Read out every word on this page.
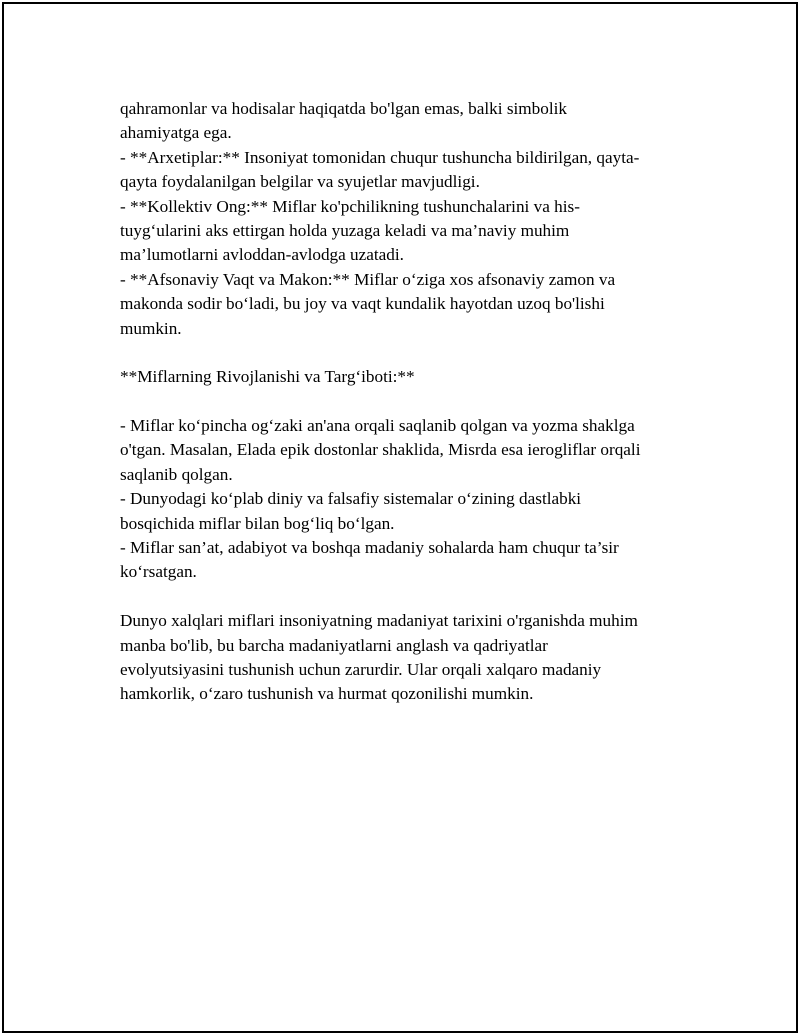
qahramonlar va hodisalar haqiqatda bo'lgan emas, balki simbolik
ahamiyatga ega.
- **Arxetiplar:** Insoniyat tomonidan chuqur tushuncha bildirilgan, qayta-
qayta foydalanilgan belgilar va syujetlar mavjudligi.
- **Kollektiv Ong:** Miflar ko'pchilikning tushunchalarini va his-
tuyg‘ularini aks ettirgan holda yuzaga keladi va ma’naviy muhim
ma’lumotlarni avloddan-avlodga uzatadi.
- **Afsonaviy Vaqt va Makon:** Miflar o‘ziga xos afsonaviy zamon va
makonda sodir bo‘ladi, bu joy va vaqt kundalik hayotdan uzoq bo'lishi
mumkin.
**Miflarning Rivojlanishi va Targ‘iboti:**
- Miflar ko‘pincha og‘zaki an'ana orqali saqlanib qolgan va yozma shaklga
o'tgan. Masalan, Elada epik dostonlar shaklida, Misrda esa ierogliflar orqali
saqlanib qolgan.
- Dunyodagi ko‘plab diniy va falsafiy sistemalar o‘zining dastlabki
bosqichida miflar bilan bog‘liq bo‘lgan.
- Miflar san’at, adabiyot va boshqa madaniy sohalarda ham chuqur ta’sir
ko‘rsatgan.
Dunyo xalqlari miflari insoniyatning madaniyat tarixini o'rganishda muhim
manba bo'lib, bu barcha madaniyatlarni anglash va qadriyatlar
evolyutsiyasini tushunish uchun zarurdir. Ular orqali xalqaro madaniy
hamkorlik, o‘zaro tushunish va hurmat qozonilishi mumkin.
